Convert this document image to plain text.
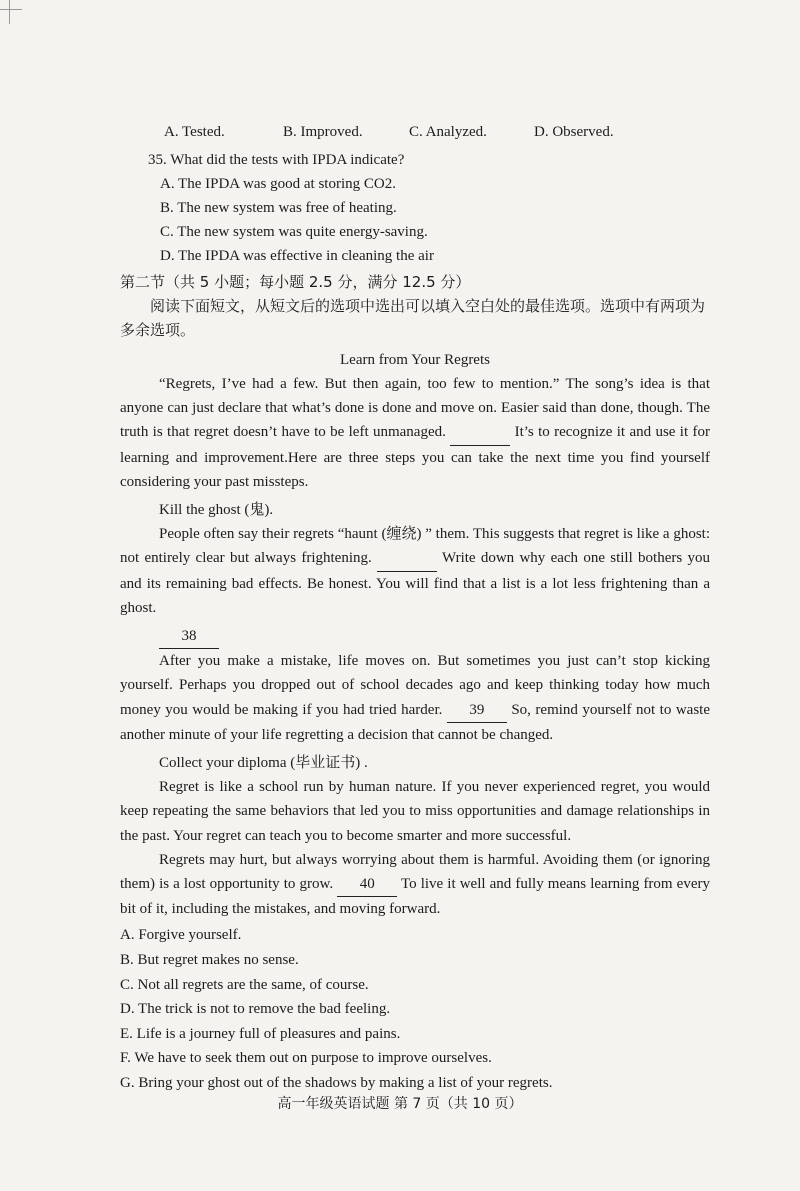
A. Tested.	B. Improved.	C. Analyzed.	D. Observed.
35. What did the tests with IPDA indicate?
A. The IPDA was good at storing CO2.
B. The new system was free of heating.
C. The new system was quite energy-saving.
D. The IPDA was effective in cleaning the air
第二节（共 5 小题；每小题 2.5 分，满分 12.5 分）
阅读下面短文，从短文后的选项中选出可以填入空白处的最佳选项。选项中有两项为多余选项。
Learn from Your Regrets

“Regrets, I’ve had a few. But then again, too few to mention.” The song’s idea is that anyone can just declare that what’s done is done and move on. Easier said than done, though. The truth is that regret doesn’t have to be left unmanaged.	It’s to recognize it and use it for learning and improvement.Here are three steps you can take the next time you find yourself considering your past missteps.

Kill the ghost (鬼).

People often say their regrets “haunt (缠绕) ” them. This suggests that regret is like a ghost: not entirely clear but always frightening.	Write down why each one still bothers you and its remaining bad effects. Be honest. You will find that a list is a lot less frightening than a ghost.

38

After you make a mistake, life moves on. But sometimes you just can’t stop kicking yourself. Perhaps you dropped out of school decades ago and keep thinking today how much money you would be making if you had tried harder. 39 So, remind yourself not to waste another minute of your life regretting a decision that cannot be changed.

Collect your diploma (毕业证书) .

Regret is like a school run by human nature. If you never experienced regret, you would keep repeating the same behaviors that led you to miss opportunities and damage relationships in the past. Your regret can teach you to become smarter and more successful.

Regrets may hurt, but always worrying about them is harmful. Avoiding them (or ignoring them) is a lost opportunity to grow. 40 To live it well and fully means learning from every bit of it, including the mistakes, and moving forward.

A. Forgive yourself.
B. But regret makes no sense.
C. Not all regrets are the same, of course.
D. The trick is not to remove the bad feeling.
E. Life is a journey full of pleasures and pains.
F. We have to seek them out on purpose to improve ourselves.
G. Bring your ghost out of the shadows by making a list of your regrets.
高一年级英语试题 第 7 页（共 10 页）
